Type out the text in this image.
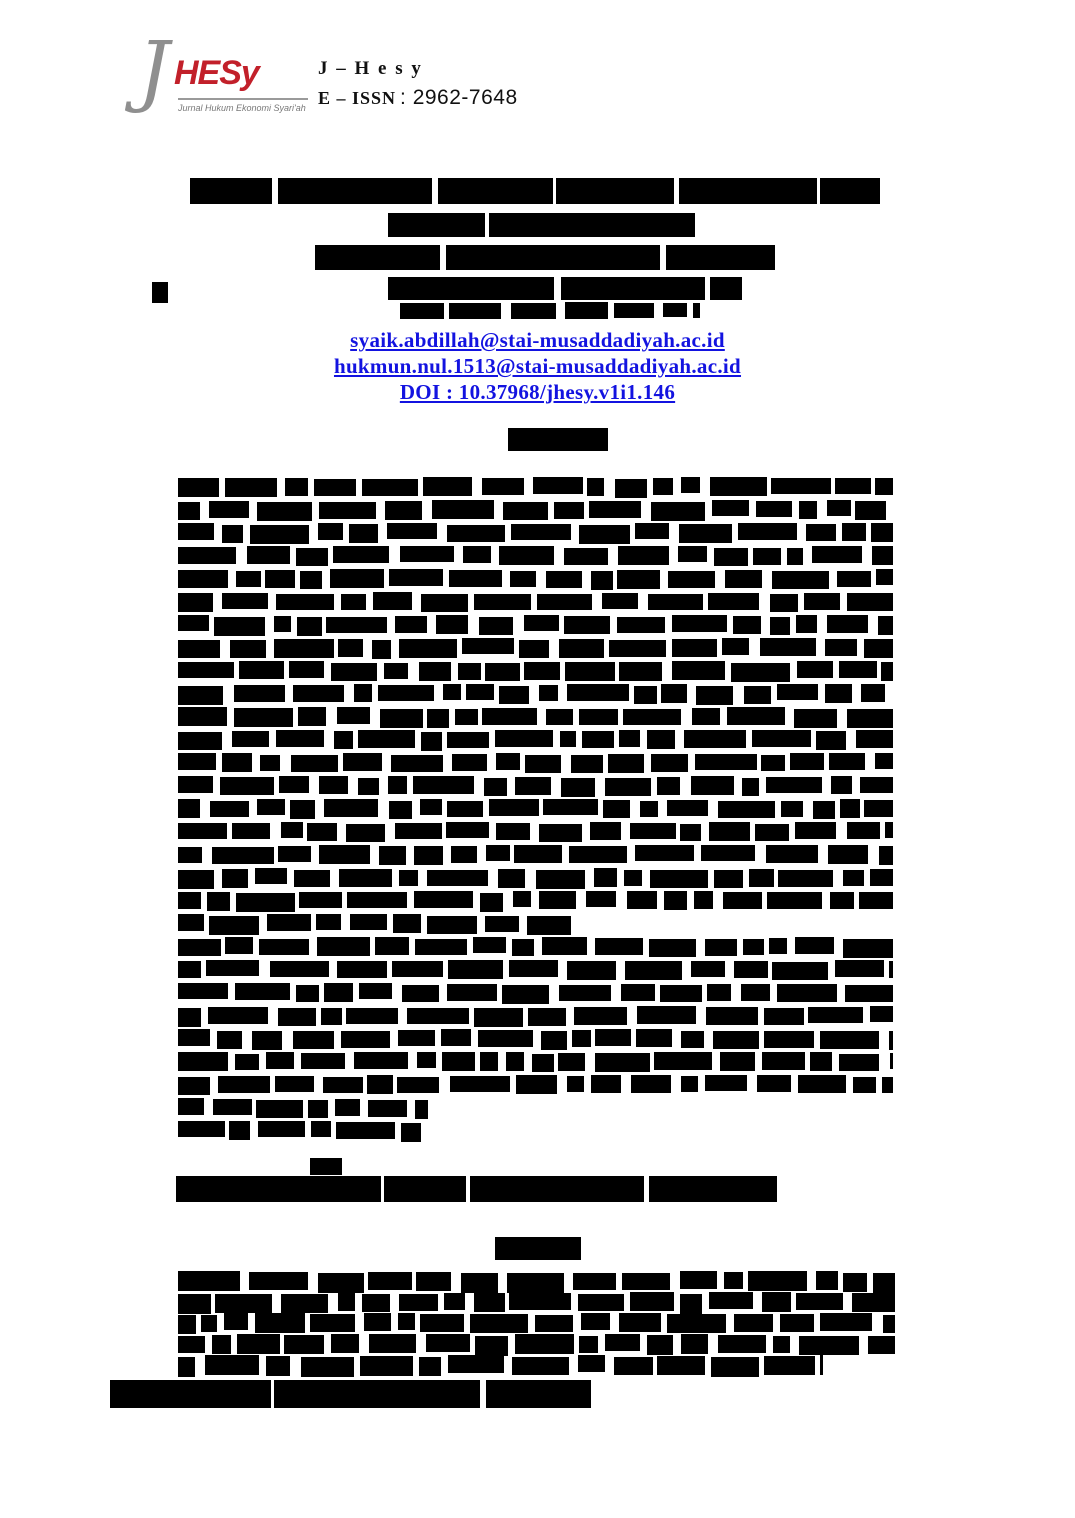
J HESy
Jurnal Hukum Ekonomi Syari'ah
J – H e s y
E – ISSN : 2962-7648
syaik.abdillah@stai-musaddadiyah.ac.id
hukmun.nul.1513@stai-musaddadiyah.ac.id
DOI : 10.37968/jhesy.v1i1.146
